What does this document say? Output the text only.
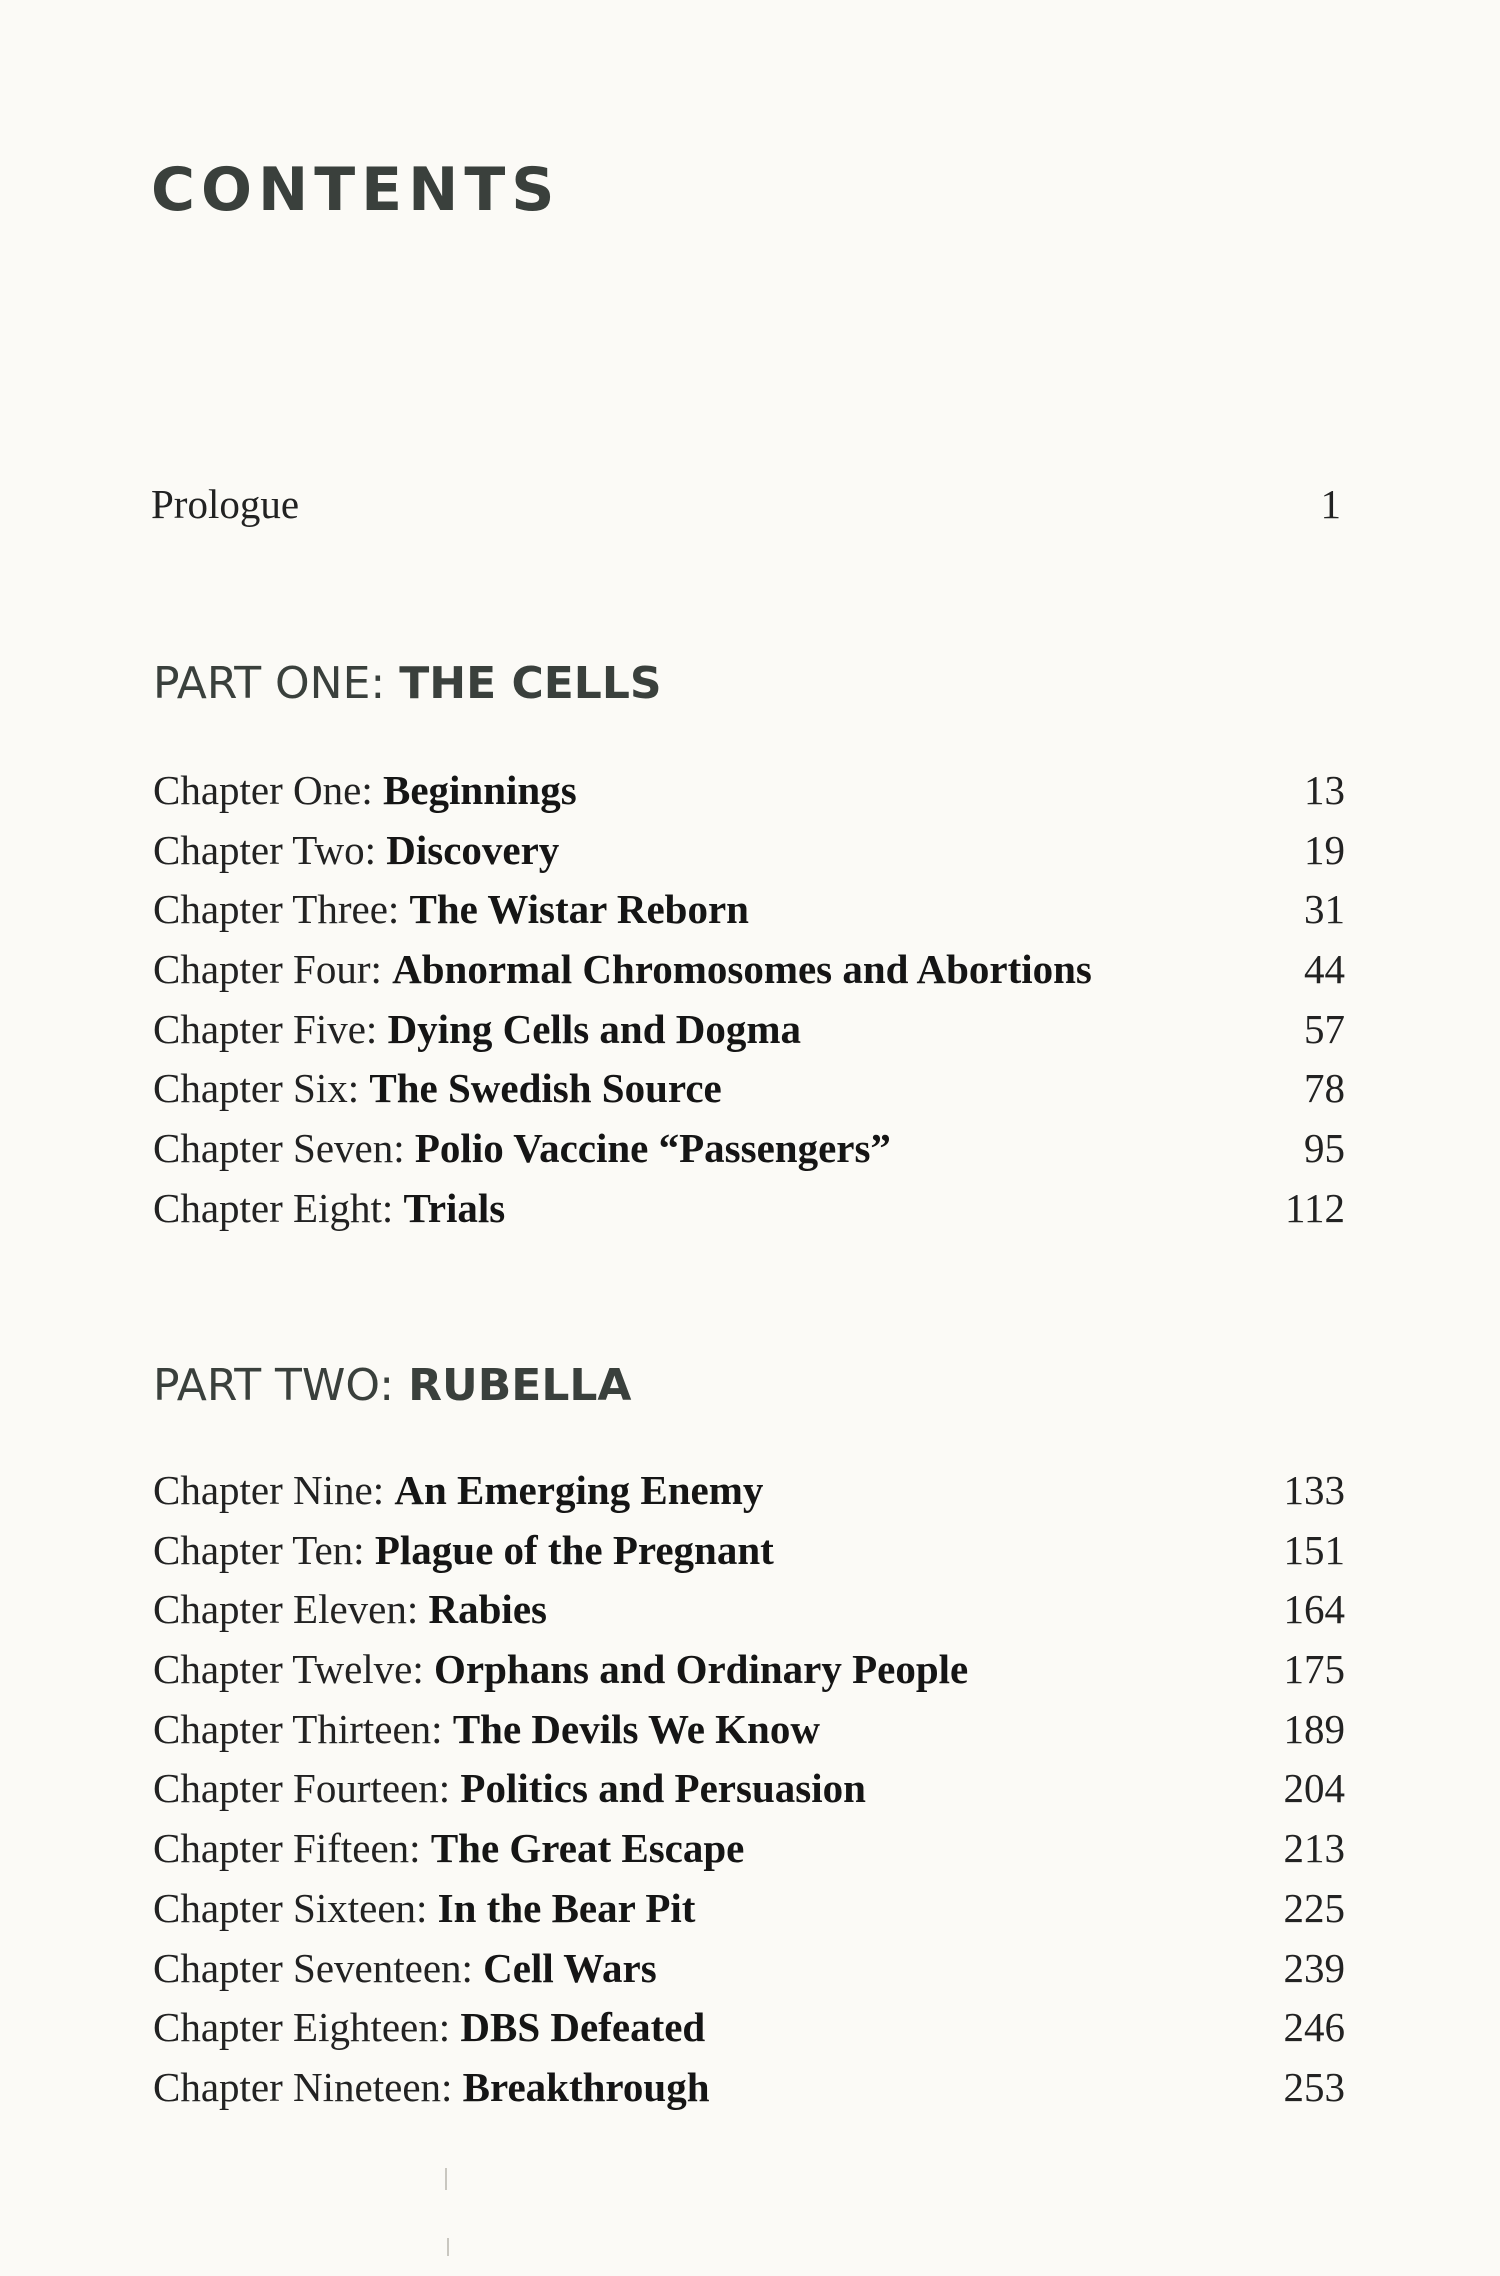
CONTENTS
Prologue	1
PART ONE: THE CELLS
Chapter One: Beginnings	13
Chapter Two: Discovery	19
Chapter Three: The Wistar Reborn	31
Chapter Four: Abnormal Chromosomes and Abortions	44
Chapter Five: Dying Cells and Dogma	57
Chapter Six: The Swedish Source	78
Chapter Seven: Polio Vaccine “Passengers”	95
Chapter Eight: Trials	112
PART TWO: RUBELLA
Chapter Nine: An Emerging Enemy	133
Chapter Ten: Plague of the Pregnant	151
Chapter Eleven: Rabies	164
Chapter Twelve: Orphans and Ordinary People	175
Chapter Thirteen: The Devils We Know	189
Chapter Fourteen: Politics and Persuasion	204
Chapter Fifteen: The Great Escape	213
Chapter Sixteen: In the Bear Pit	225
Chapter Seventeen: Cell Wars	239
Chapter Eighteen: DBS Defeated	246
Chapter Nineteen: Breakthrough	253
